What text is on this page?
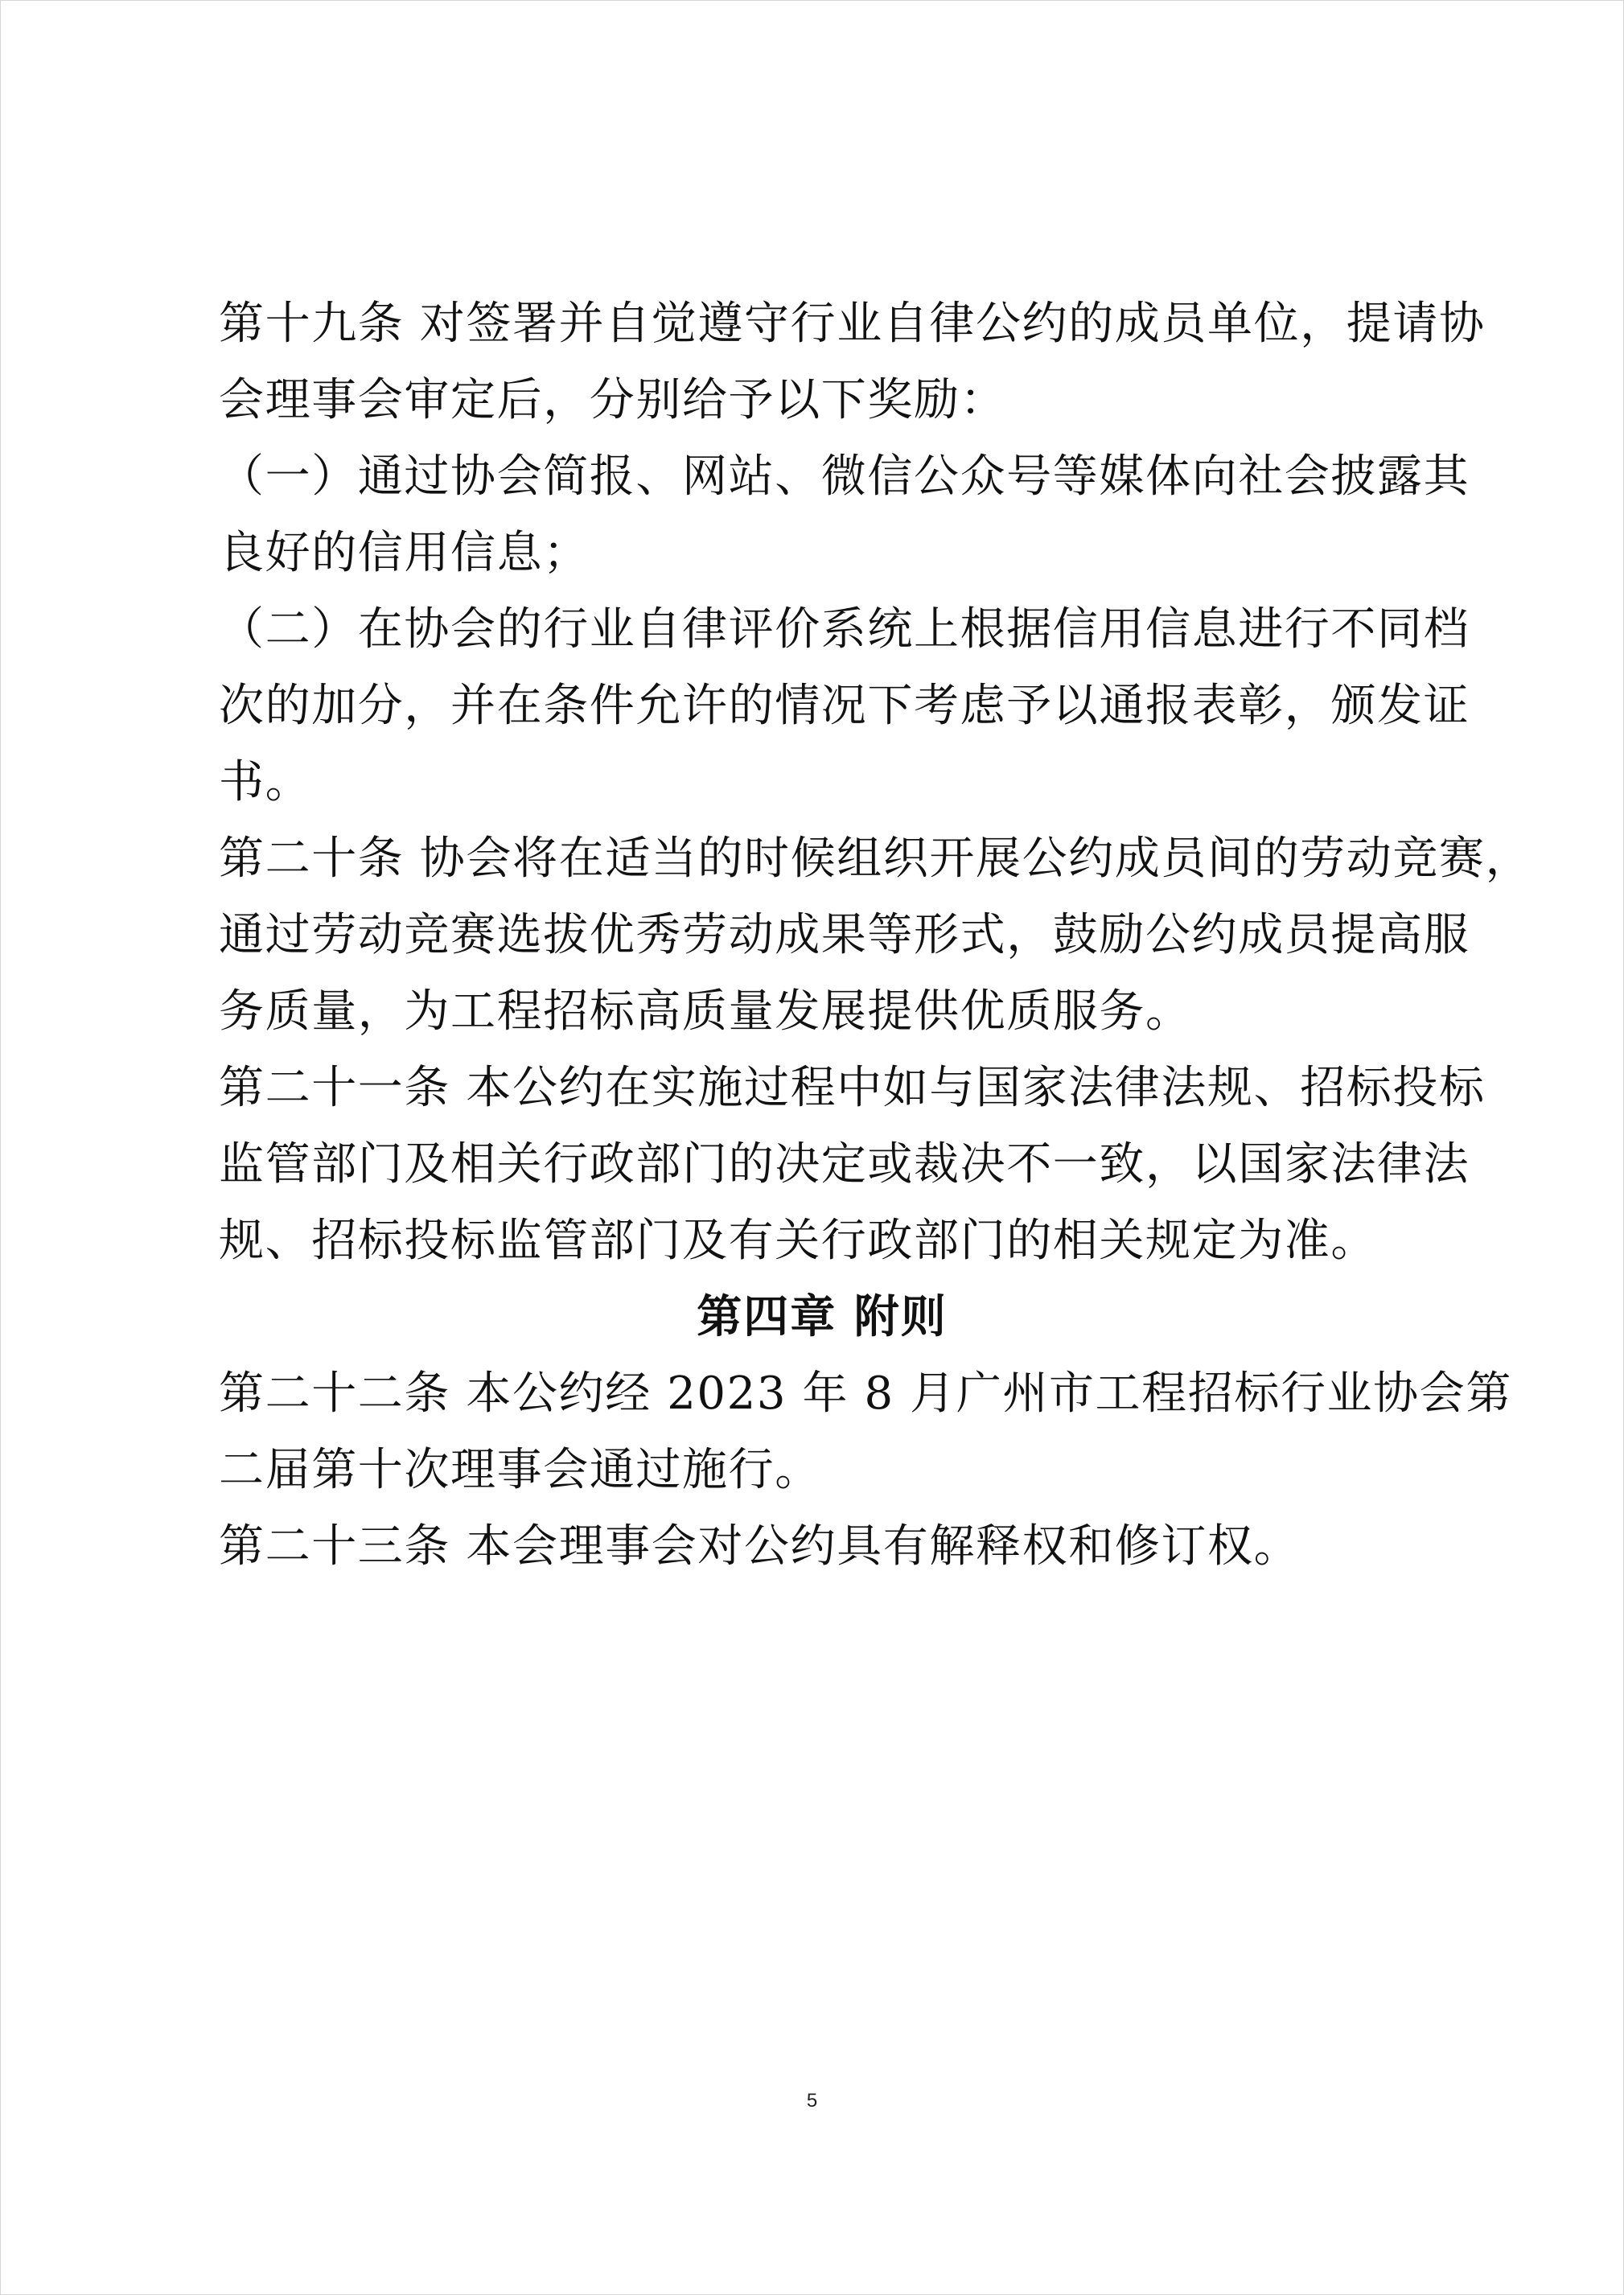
第十九条 对签署并自觉遵守行业自律公约的成员单位，提请协
会理事会审定后，分别给予以下奖励：
（一）通过协会简报、网站、微信公众号等媒体向社会披露其
良好的信用信息；
（二）在协会的行业自律评价系统上根据信用信息进行不同档
次的加分，并在条件允许的情况下考虑予以通报表彰，颁发证
书。
第二十条 协会将在适当的时候组织开展公约成员间的劳动竞赛，
通过劳动竞赛选拔优秀劳动成果等形式，鼓励公约成员提高服
务质量，为工程招标高质量发展提供优质服务。
第二十一条 本公约在实施过程中如与国家法律法规、招标投标
监管部门及相关行政部门的决定或裁决不一致，以国家法律法
规、招标投标监管部门及有关行政部门的相关规定为准。
第四章 附则
第二十二条 本公约经 2023 年 8 月广州市工程招标行业协会第
二届第十次理事会通过施行。
第二十三条 本会理事会对公约具有解释权和修订权。
5
